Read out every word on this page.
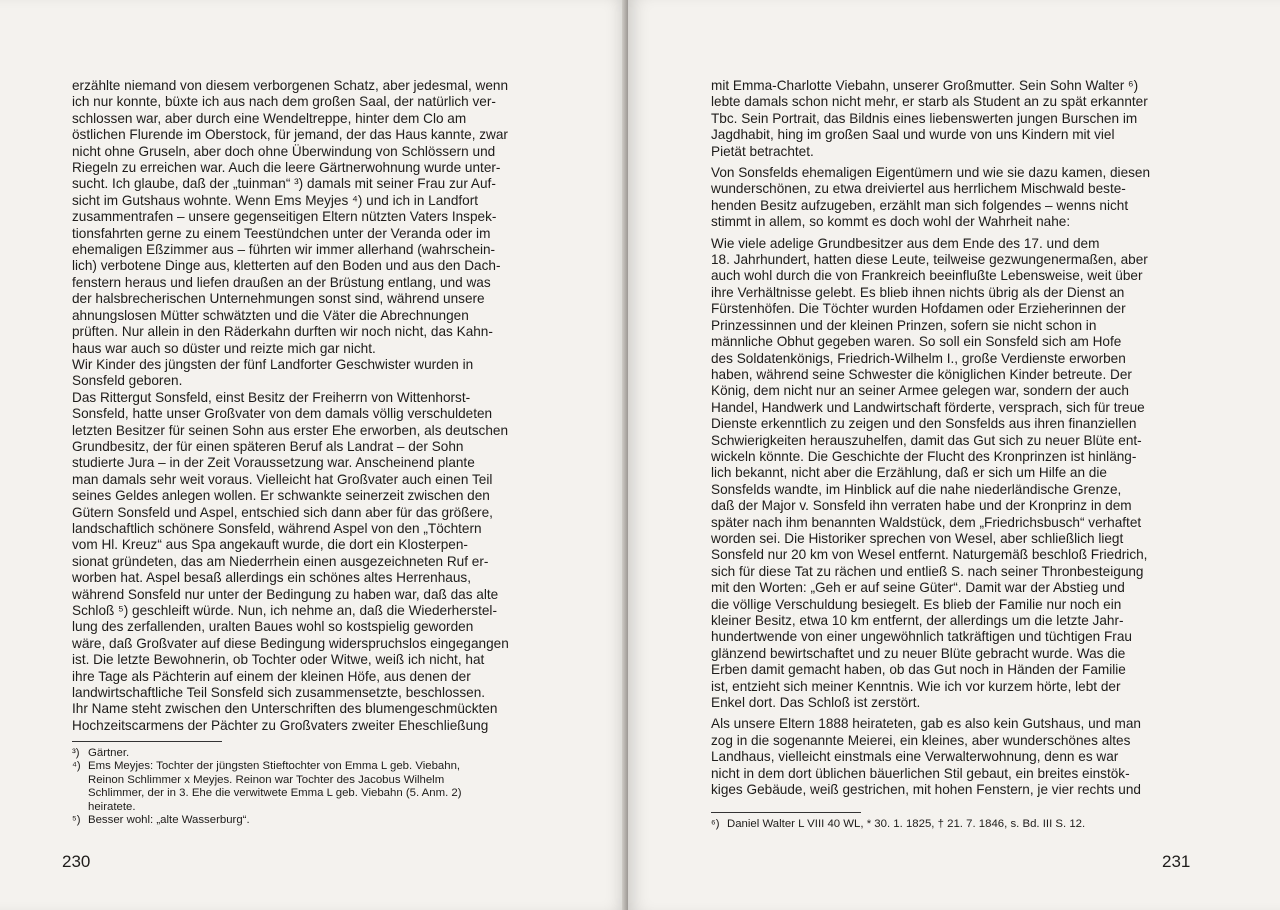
erzählte niemand von diesem verborgenen Schatz, aber jedesmal, wenn
ich nur konnte, büxte ich aus nach dem großen Saal, der natürlich ver-
schlossen war, aber durch eine Wendeltreppe, hinter dem Clo am
östlichen Flurende im Oberstock, für jemand, der das Haus kannte, zwar
nicht ohne Gruseln, aber doch ohne Überwindung von Schlössern und
Riegeln zu erreichen war. Auch die leere Gärtnerwohnung wurde unter-
sucht. Ich glaube, daß der „tuinman“ ³) damals mit seiner Frau zur Auf-
sicht im Gutshaus wohnte. Wenn Ems Meyjes ⁴) und ich in Landfort
zusammentrafen – unsere gegenseitigen Eltern nützten Vaters Inspek-
tionsfahrten gerne zu einem Teestündchen unter der Veranda oder im
ehemaligen Eßzimmer aus – führten wir immer allerhand (wahrschein-
lich) verbotene Dinge aus, kletterten auf den Boden und aus den Dach-
fenstern heraus und liefen draußen an der Brüstung entlang, und was
der halsbrecherischen Unternehmungen sonst sind, während unsere
ahnungslosen Mütter schwätzten und die Väter die Abrechnungen
prüften. Nur allein in den Räderkahn durften wir noch nicht, das Kahn-
haus war auch so düster und reizte mich gar nicht.

Wir Kinder des jüngsten der fünf Landforter Geschwister wurden in
Sonsfeld geboren.

Das Rittergut Sonsfeld, einst Besitz der Freiherrn von Wittenhorst-
Sonsfeld, hatte unser Großvater von dem damals völlig verschuldeten
letzten Besitzer für seinen Sohn aus erster Ehe erworben, als deutschen
Grundbesitz, der für einen späteren Beruf als Landrat – der Sohn
studierte Jura – in der Zeit Voraussetzung war. Anscheinend plante
man damals sehr weit voraus. Vielleicht hat Großvater auch einen Teil
seines Geldes anlegen wollen. Er schwankte seinerzeit zwischen den
Gütern Sonsfeld und Aspel, entschied sich dann aber für das größere,
landschaftlich schönere Sonsfeld, während Aspel von den „Töchtern
vom Hl. Kreuz“ aus Spa angekauft wurde, die dort ein Klosterpen-
sionat gründeten, das am Niederrhein einen ausgezeichneten Ruf er-
worben hat. Aspel besaß allerdings ein schönes altes Herrenhaus,
während Sonsfeld nur unter der Bedingung zu haben war, daß das alte
Schloß ⁵) geschleift würde. Nun, ich nehme an, daß die Wiederherstel-
lung des zerfallenden, uralten Baues wohl so kostspielig geworden
wäre, daß Großvater auf diese Bedingung widerspruchslos eingegangen
ist. Die letzte Bewohnerin, ob Tochter oder Witwe, weiß ich nicht, hat
ihre Tage als Pächterin auf einem der kleinen Höfe, aus denen der
landwirtschaftliche Teil Sonsfeld sich zusammensetzte, beschlossen.
Ihr Name steht zwischen den Unterschriften des blumengeschmückten
Hochzeitscarmens der Pächter zu Großvaters zweiter Eheschließung

³) Gärtner.
⁴) Ems Meyjes: Tochter der jüngsten Stieftochter von Emma L geb. Viebahn,
Reinon Schlimmer x Meyjes. Reinon war Tochter des Jacobus Wilhelm
Schlimmer, der in 3. Ehe die verwitwete Emma L geb. Viebahn (5. Anm. 2)
heiratete.
⁵) Besser wohl: „alte Wasserburg“.
230

mit Emma-Charlotte Viebahn, unserer Großmutter. Sein Sohn Walter ⁶)
lebte damals schon nicht mehr, er starb als Student an zu spät erkannter
Tbc. Sein Portrait, das Bildnis eines liebenswerten jungen Burschen im
Jagdhabit, hing im großen Saal und wurde von uns Kindern mit viel
Pietät betrachtet.

Von Sonsfelds ehemaligen Eigentümern und wie sie dazu kamen, diesen
wunderschönen, zu etwa dreiviertel aus herrlichem Mischwald beste-
henden Besitz aufzugeben, erzählt man sich folgendes – wenns nicht
stimmt in allem, so kommt es doch wohl der Wahrheit nahe:

Wie viele adelige Grundbesitzer aus dem Ende des 17. und dem
18. Jahrhundert, hatten diese Leute, teilweise gezwungenermaßen, aber
auch wohl durch die von Frankreich beeinflußte Lebensweise, weit über
ihre Verhältnisse gelebt. Es blieb ihnen nichts übrig als der Dienst an
Fürstenhöfen. Die Töchter wurden Hofdamen oder Erzieherinnen der
Prinzessinnen und der kleinen Prinzen, sofern sie nicht schon in
männliche Obhut gegeben waren. So soll ein Sonsfeld sich am Hofe
des Soldatenkönigs, Friedrich-Wilhelm I., große Verdienste erworben
haben, während seine Schwester die königlichen Kinder betreute. Der
König, dem nicht nur an seiner Armee gelegen war, sondern der auch
Handel, Handwerk und Landwirtschaft förderte, versprach, sich für treue
Dienste erkenntlich zu zeigen und den Sonsfelds aus ihren finanziellen
Schwierigkeiten herauszuhelfen, damit das Gut sich zu neuer Blüte ent-
wickeln könnte. Die Geschichte der Flucht des Kronprinzen ist hinläng-
lich bekannt, nicht aber die Erzählung, daß er sich um Hilfe an die
Sonsfelds wandte, im Hinblick auf die nahe niederländische Grenze,
daß der Major v. Sonsfeld ihn verraten habe und der Kronprinz in dem
später nach ihm benannten Waldstück, dem „Friedrichsbusch“ verhaftet
worden sei. Die Historiker sprechen von Wesel, aber schließlich liegt
Sonsfeld nur 20 km von Wesel entfernt. Naturgemäß beschloß Friedrich,
sich für diese Tat zu rächen und entließ S. nach seiner Thronbesteigung
mit den Worten: „Geh er auf seine Güter“. Damit war der Abstieg und
die völlige Verschuldung besiegelt. Es blieb der Familie nur noch ein
kleiner Besitz, etwa 10 km entfernt, der allerdings um die letzte Jahr-
hundertwende von einer ungewöhnlich tatkräftigen und tüchtigen Frau
glänzend bewirtschaftet und zu neuer Blüte gebracht wurde. Was die
Erben damit gemacht haben, ob das Gut noch in Händen der Familie
ist, entzieht sich meiner Kenntnis. Wie ich vor kurzem hörte, lebt der
Enkel dort. Das Schloß ist zerstört.

Als unsere Eltern 1888 heirateten, gab es also kein Gutshaus, und man
zog in die sogenannte Meierei, ein kleines, aber wunderschönes altes
Landhaus, vielleicht einstmals eine Verwalterwohnung, denn es war
nicht in dem dort üblichen bäuerlichen Stil gebaut, ein breites einstök-
kiges Gebäude, weiß gestrichen, mit hohen Fenstern, je vier rechts und

⁶) Daniel Walter L VIII 40 WL, * 30. 1. 1825, † 21. 7. 1846, s. Bd. III S. 12.
231
